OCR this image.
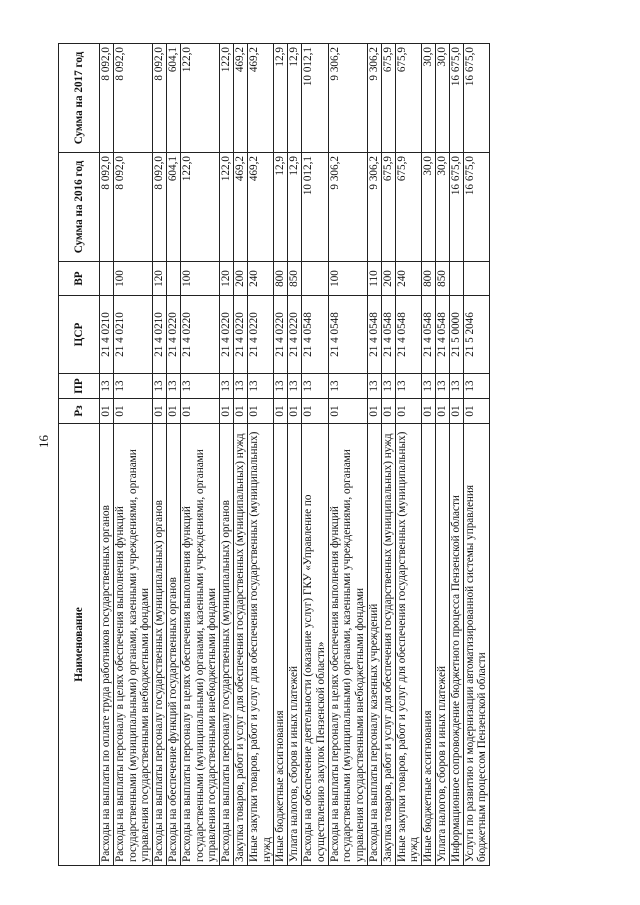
16
Наименование	Рз	ПР	ЦСР	ВР	Сумма на 2016 год	Сумма на 2017 год
Расходы на выплаты по оплате труда работников государственных органов	01	13	21 4 0210		8 092,0	8 092,0
Расходы на выплаты персоналу в целях обеспечения выполнения функций государственными (муниципальными) органами, казенными учреждениями, органами управления государственными внебюджетными фондами	01	13	21 4 0210	100	8 092,0	8 092,0
Расходы на выплаты персоналу государственных (муниципальных) органов	01	13	21 4 0210	120	8 092,0	8 092,0
Расходы на обеспечение функций государственных органов	01	13	21 4 0220		604,1	604,1
Расходы на выплаты персоналу в целях обеспечения выполнения функций государственными (муниципальными) органами, казенными учреждениями, органами управления государственными внебюджетными фондами	01	13	21 4 0220	100	122,0	122,0
Расходы на выплаты персоналу государственных (муниципальных) органов	01	13	21 4 0220	120	122,0	122,0
Закупка товаров, работ и услуг для обеспечения государственных (муниципальных) нужд	01	13	21 4 0220	200	469,2	469,2
Иные закупки товаров, работ и услуг для обеспечения государственных (муниципальных) нужд	01	13	21 4 0220	240	469,2	469,2
Иные бюджетные ассигнования	01	13	21 4 0220	800	12,9	12,9
Уплата налогов, сборов и иных платежей	01	13	21 4 0220	850	12,9	12,9
Расходы на обеспечение деятельности (оказание услуг) ГКУ «Управление по осуществлению закупок Пензенской области»	01	13	21 4 0548		10 012,1	10 012,1
Расходы на выплаты персоналу в целях обеспечения выполнения функций государственными (муниципальными) органами, казенными учреждениями, органами управления государственными внебюджетными фондами	01	13	21 4 0548	100	9 306,2	9 306,2
Расходы на выплаты персоналу казенных учреждений	01	13	21 4 0548	110	9 306,2	9 306,2
Закупка товаров, работ и услуг для обеспечения государственных (муниципальных) нужд	01	13	21 4 0548	200	675,9	675,9
Иные закупки товаров, работ и услуг для обеспечения государственных (муниципальных) нужд	01	13	21 4 0548	240	675,9	675,9
Иные бюджетные ассигнования	01	13	21 4 0548	800	30,0	30,0
Уплата налогов, сборов и иных платежей	01	13	21 4 0548	850	30,0	30,0
Информационное сопровождение бюджетного процесса Пензенской области	01	13	21 5 0000		16 675,0	16 675,0
Услуги по развитию и модернизации автоматизированной системы управления бюджетным процессом Пензенской области	01	13	21 5 2046		16 675,0	16 675,0
